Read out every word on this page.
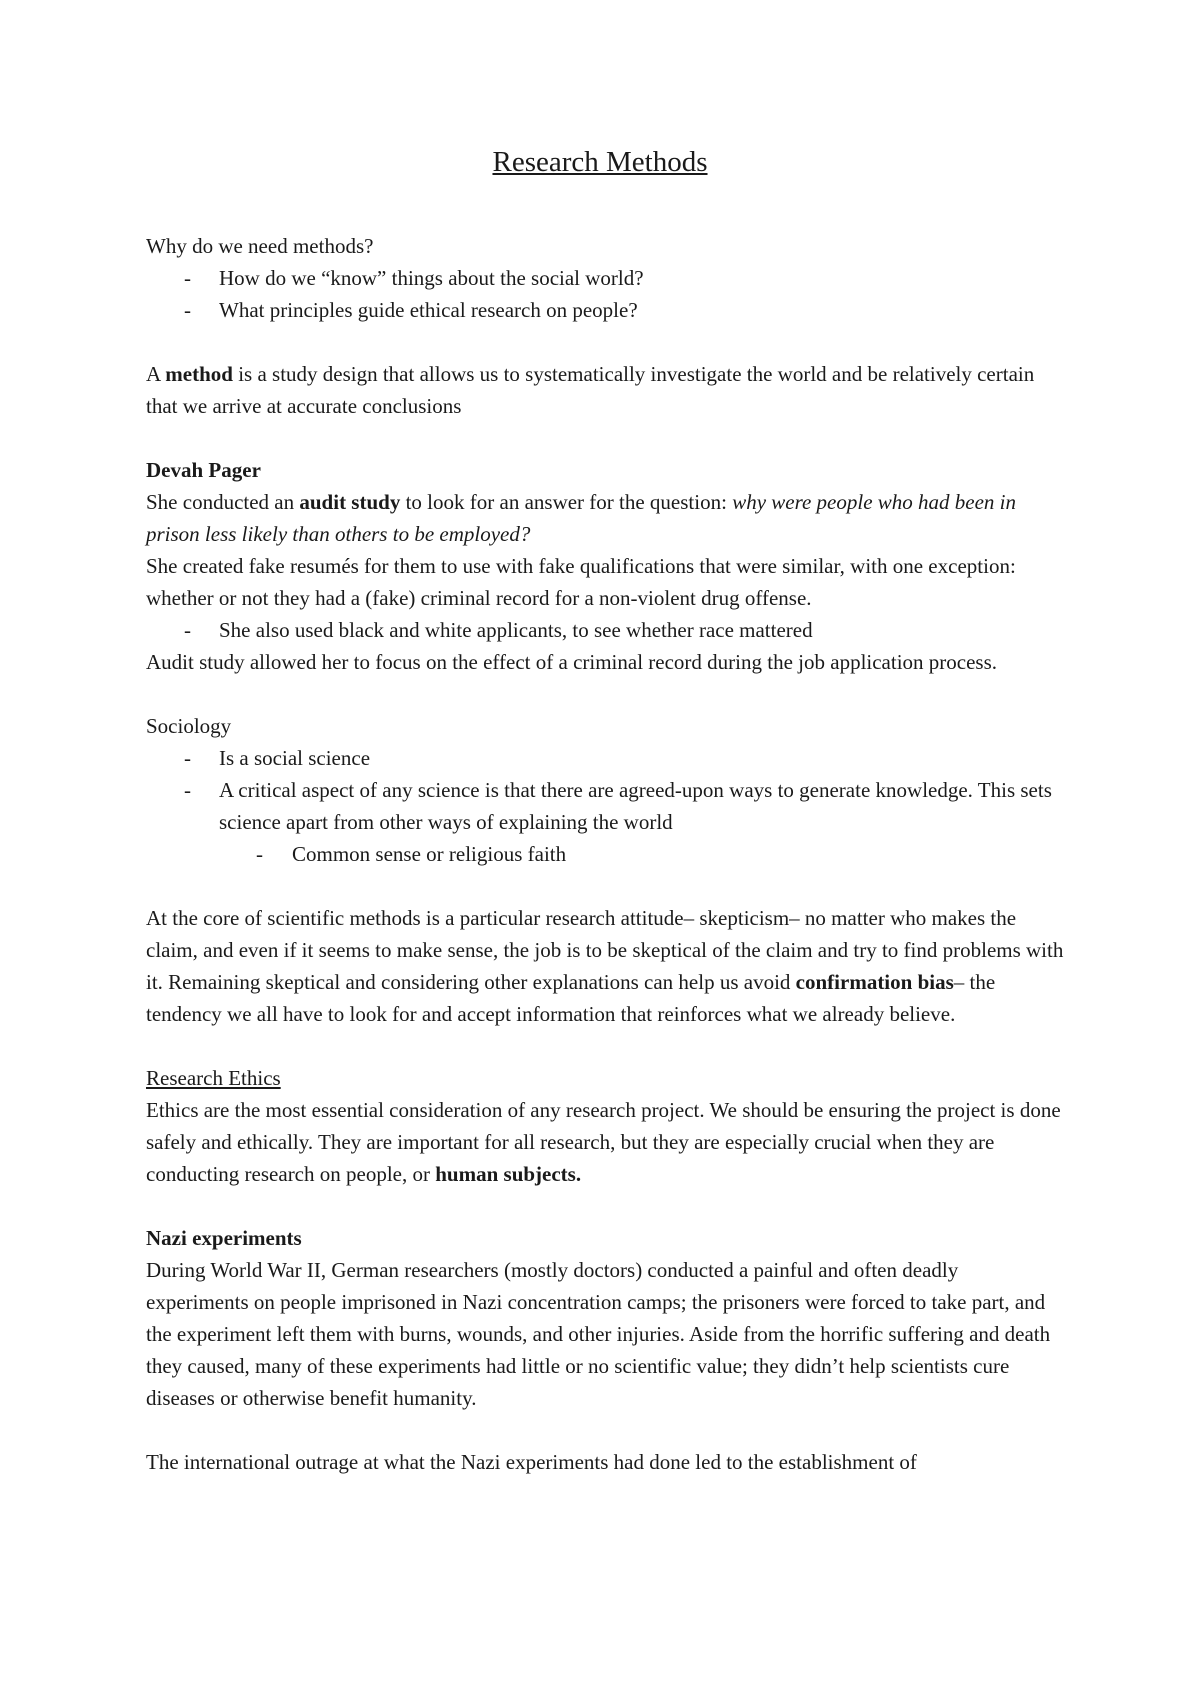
Research Methods

Why do we need methods?

- How do we “know” things about the social world?

- What principles guide ethical research on people?

A method is a study design that allows us to systematically investigate the world and be relatively certain that we arrive at accurate conclusions

Devah Pager

She conducted an audit study to look for an answer for the question: why were people who had been in prison less likely than others to be employed?

She created fake resumés for them to use with fake qualifications that were similar, with one exception: whether or not they had a (fake) criminal record for a non-violent drug offense.

- She also used black and white applicants, to see whether race mattered

Audit study allowed her to focus on the effect of a criminal record during the job application process.

Sociology

- Is a social science

- A critical aspect of any science is that there are agreed-upon ways to generate knowledge. This sets science apart from other ways of explaining the world

- Common sense or religious faith

At the core of scientific methods is a particular research attitude– skepticism– no matter who makes the claim, and even if it seems to make sense, the job is to be skeptical of the claim and try to find problems with it. Remaining skeptical and considering other explanations can help us avoid confirmation bias– the tendency we all have to look for and accept information that reinforces what we already believe.

Research Ethics

Ethics are the most essential consideration of any research project. We should be ensuring the project is done safely and ethically. They are important for all research, but they are especially crucial when they are conducting research on people, or human subjects.

Nazi experiments

During World War II, German researchers (mostly doctors) conducted a painful and often deadly experiments on people imprisoned in Nazi concentration camps; the prisoners were forced to take part, and the experiment left them with burns, wounds, and other injuries. Aside from the horrific suffering and death they caused, many of these experiments had little or no scientific value; they didn’t help scientists cure diseases or otherwise benefit humanity.

The international outrage at what the Nazi experiments had done led to the establishment of
